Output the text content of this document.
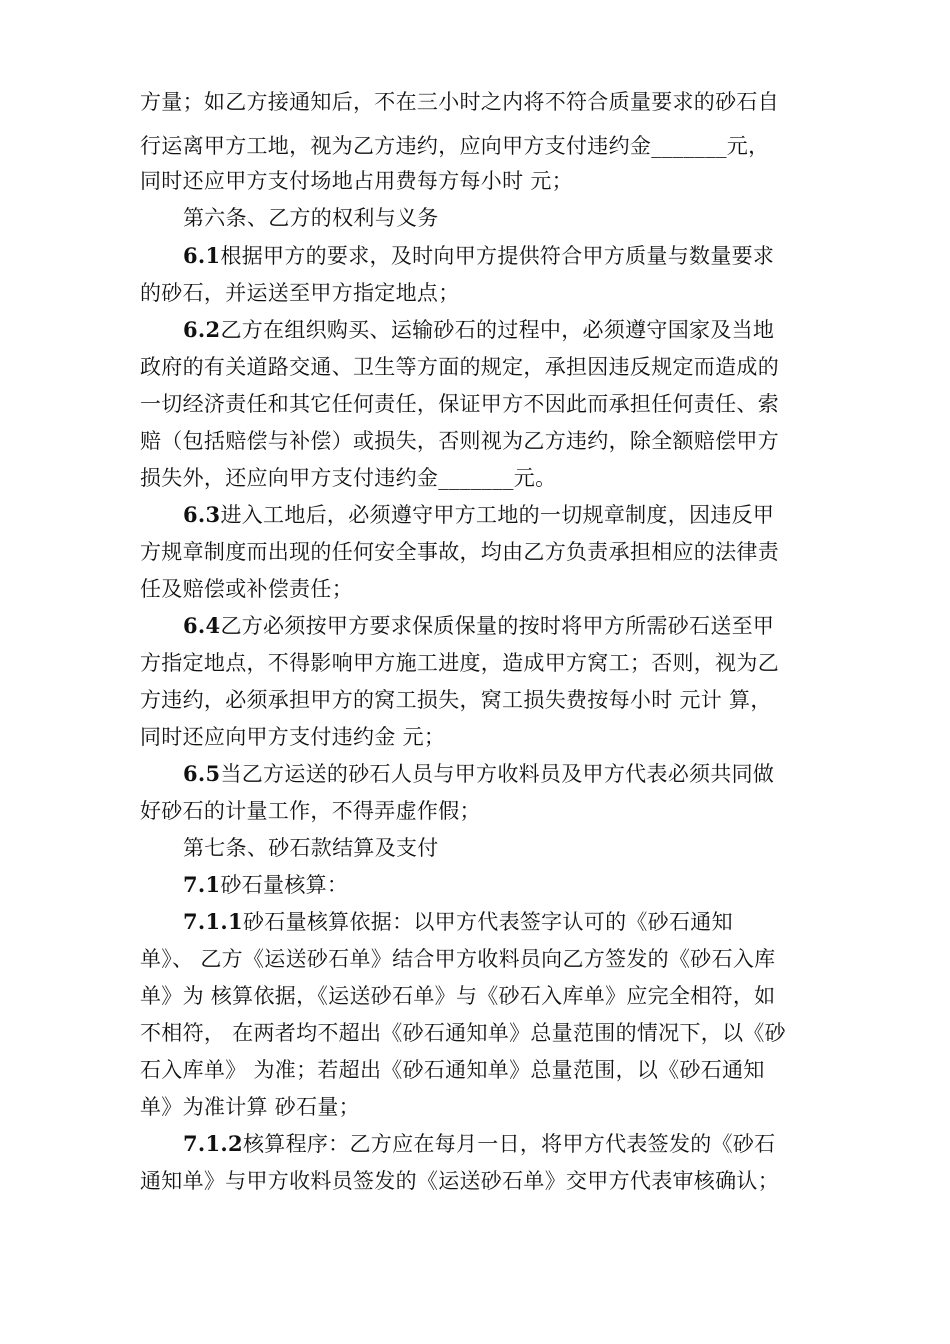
方量；如乙方接通知后，不在三小时之内将不符合质量要求的砂石自
行运离甲方工地，视为乙方违约，应向甲方支付违约金_______元，
同时还应甲方支付场地占用费每方每小时 元；
第六条、乙方的权利与义务
6.1根据甲方的要求，及时向甲方提供符合甲方质量与数量要求
的砂石，并运送至甲方指定地点；
6.2乙方在组织购买、运输砂石的过程中，必须遵守国家及当地
政府的有关道路交通、卫生等方面的规定，承担因违反规定而造成的
一切经济责任和其它任何责任，保证甲方不因此而承担任何责任、索
赔（包括赔偿与补偿）或损失，否则视为乙方违约，除全额赔偿甲方
损失外，还应向甲方支付违约金_______元。
6.3进入工地后，必须遵守甲方工地的一切规章制度，因违反甲
方规章制度而出现的任何安全事故，均由乙方负责承担相应的法律责
任及赔偿或补偿责任；
6.4乙方必须按甲方要求保质保量的按时将甲方所需砂石送至甲
方指定地点，不得影响甲方施工进度，造成甲方窝工；否则，视为乙
方违约，必须承担甲方的窝工损失，窝工损失费按每小时 元计 算，
同时还应向甲方支付违约金 元；
6.5当乙方运送的砂石人员与甲方收料员及甲方代表必须共同做
好砂石的计量工作，不得弄虚作假；
第七条、砂石款结算及支付
7.1砂石量核算：
7.1.1砂石量核算依据：以甲方代表签字认可的《砂石通知
单》、 乙方《运送砂石单》结合甲方收料员向乙方签发的《砂石入库
单》为 核算依据，《运送砂石单》与《砂石入库单》应完全相符，如
不相符， 在两者均不超出《砂石通知单》总量范围的情况下，以《砂
石入库单》 为准；若超出《砂石通知单》总量范围，以《砂石通知
单》为准计算 砂石量；
7.1.2核算程序：乙方应在每月一日，将甲方代表签发的《砂石
通知单》与甲方收料员签发的《运送砂石单》交甲方代表审核确认；
